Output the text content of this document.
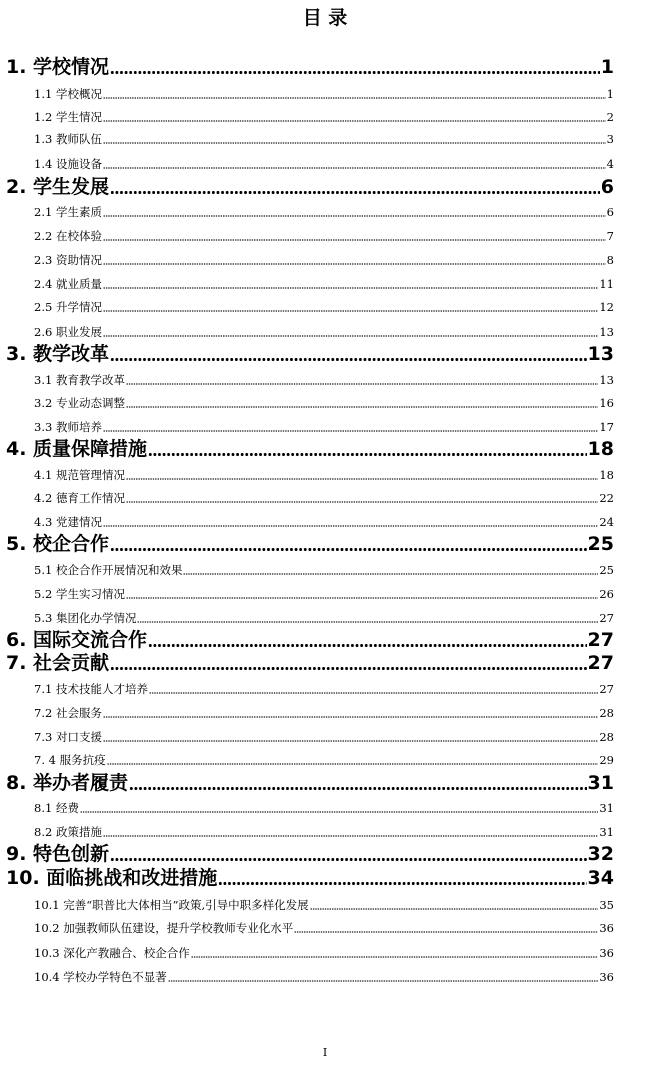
目 录
1. 学校情况	1
1.1 学校概况	1
1.2 学生情况	2
1.3 教师队伍	3
1.4 设施设备	4
2. 学生发展	6
2.1 学生素质	6
2.2 在校体验	7
2.3 资助情况	8
2.4 就业质量	11
2.5 升学情况	12
2.6 职业发展	13
3. 教学改革	13
3.1 教育教学改革	13
3.2 专业动态调整	16
3.3 教师培养	17
4. 质量保障措施	18
4.1 规范管理情况	18
4.2 德育工作情况	22
4.3 党建情况	24
5. 校企合作	25
5.1 校企合作开展情况和效果	25
5.2 学生实习情况	26
5.3 集团化办学情况	27
6. 国际交流合作	27
7. 社会贡献	27
7.1 技术技能人才培养	27
7.2 社会服务	28
7.3 对口支援	28
7. 4 服务抗疫	29
8. 举办者履责	31
8.1 经费	31
8.2 政策措施	31
9. 特色创新	32
10. 面临挑战和改进措施	34
10.1 完善“职普比大体相当”政策,引导中职多样化发展	35
10.2 加强教师队伍建设，提升学校教师专业化水平	36
10.3 深化产教融合、校企合作	36
10.4 学校办学特色不显著	36
I
